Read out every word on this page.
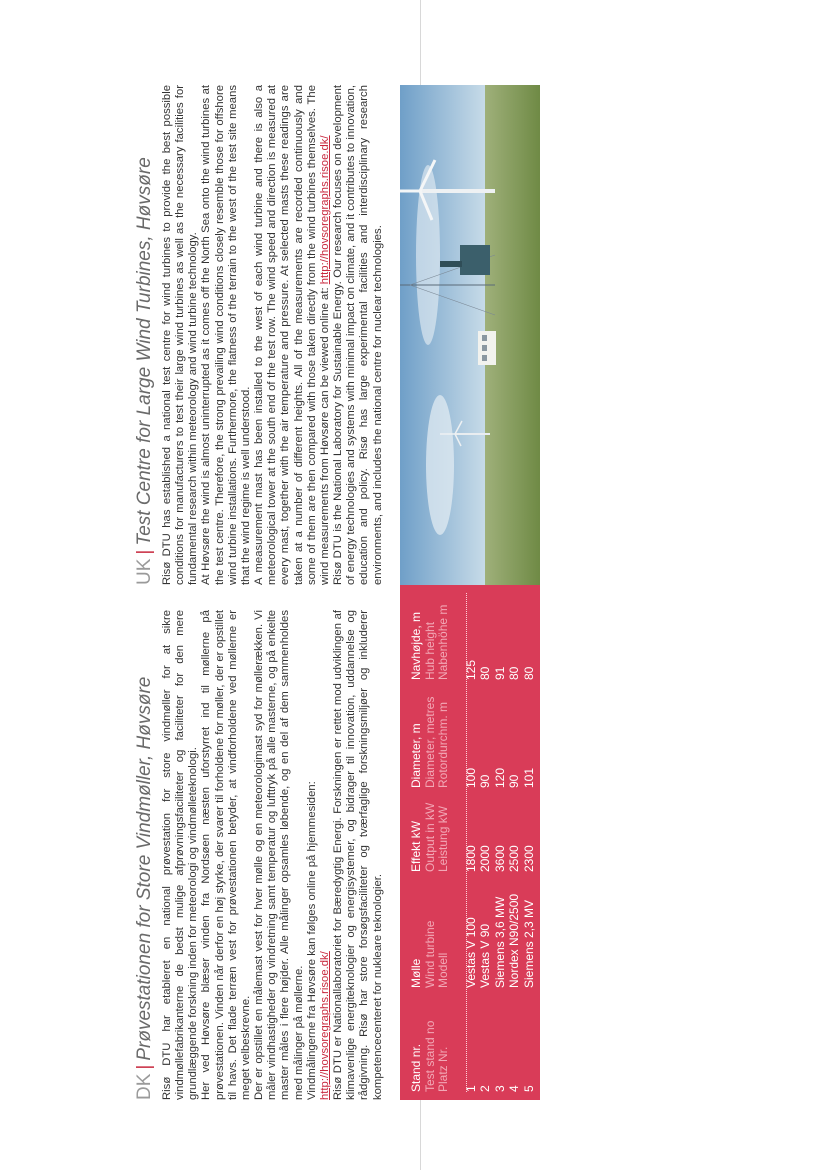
DK|Prøvestationen for Store Vindmøller, Høvsøre Risø DTU har etableret en national prøvestation for store vindmøller for at sikre vindmøllefabrikanterne de bedst mulige afprøvningsfaciliteter og faciliteter for den mere grundlæggende forskning inden for meteorologi og vindmølleteknologi. Her ved Høvsøre blæser vinden fra Nordsøen næsten uforstyrret ind til møllerne på prøvestationen. Vinden når derfor en høj styrke, der svarer til forholdene for møller, der er opstillet til havs. Det flade terræn vest for prøvestationen betyder, at vindforholdene ved møllerne er meget velbeskrevne. Der er opstillet en målemast vest for hver mølle og en meteorologimast syd for møllerækken. Vi måler vindhastigheder og vindretning samt temperatur og lufttryk på alle masterne, og på enkelte master måles i flere højder. Alle målinger opsamles løbende, og en del af dem sammenholdes med målinger på møllerne. Vindmålingerne fra Høvsøre kan følges online på hjemmesiden: http://hovsoregraphs.risoe.dk/ Risø DTU er Nationallaboratoriet for Bæredygtig Energi. Forskningen er rettet mod udviklingen af klimavenlige energiteknologier og energisystemer, og bidrager til innovation, uddannelse og rådgivning. Risø har store forsøgsfaciliteter og tværfaglige forskningsmiljøer og inkluderer kompetencecenteret for nukleare teknologier.

UK|Test Centre for Large Wind Turbines, Høvsøre Risø DTU has established a national test centre for wind turbines to provide the best possible conditions for manufacturers to test their large wind turbines as well as the necessary facilities for fundamental research within meteorology and wind turbine technology. At Høvsøre the wind is almost uninterrupted as it comes off the North Sea onto the wind turbines at the test centre. Therefore, the strong prevailing wind conditions closely resemble those for offshore wind turbine installations. Furthermore, the flatness of the terrain to the west of the test site means that the wind regime is well understood. A measurement mast has been installed to the west of each wind turbine and there is also a meteorological tower at the south end of the test row. The wind speed and direction is measured at every mast, together with the air temperature and pressure. At selected masts these readings are taken at a number of different heights. All of the measurements are recorded continuously and some of them are then compared with those taken directly from the wind turbines themselves. The wind measurements from Høvsøre can be viewed online at: http://hovsoregraphs.risoe.dk/ Risø DTU is the National Laboratory for Sustainable Energy. Our research focuses on development of energy technologies and systems with minimal impact on climate, and it contributes to innovation, education and policy. Risø has large experimental facilities and interdisciplinary research environments, and includes the national centre for nuclear technologies.

Stand nr. Test stand no Platz Nr. 1 2 3 4 5
Mølle Wind turbine Modell Vestas V 100 Vestas V 90 Siemens 3,6 MW Nordex N90/2500 Siemens 2,3 MV
Effekt kW Output in kW Leistung kW 1800 2000 3600 2500 2300
Diameter, m Diameter, metres Rotordurchm. m 100 90 120 90 101
Navhøjde, m Hub height Nabenhöhe m 125 80 91 80 80
